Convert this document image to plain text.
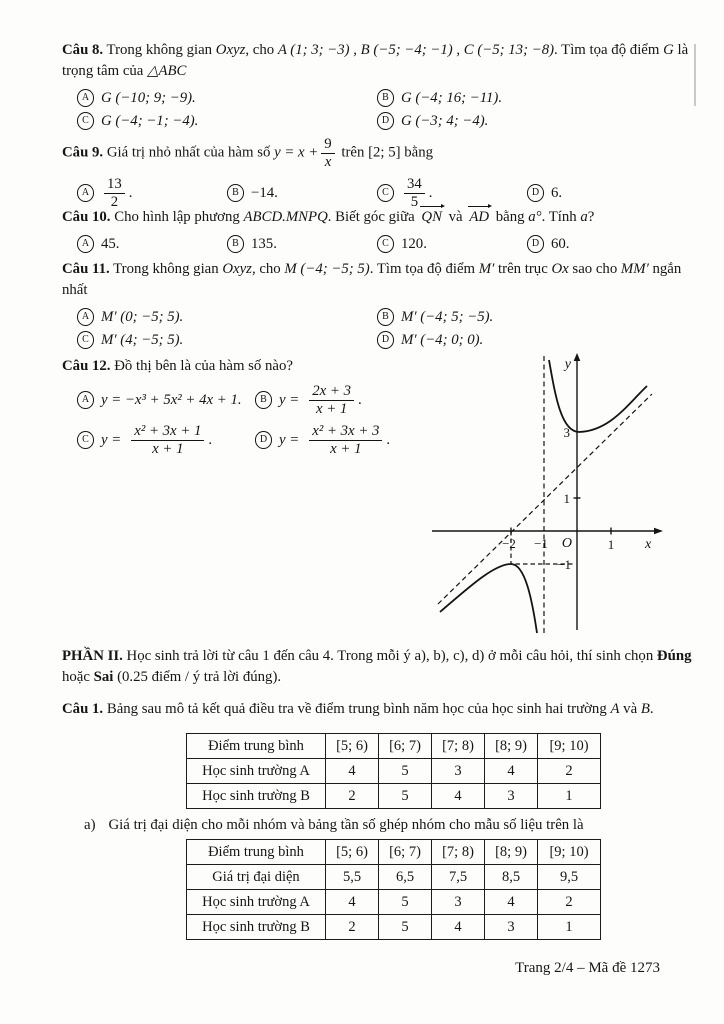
Câu 8. Trong không gian Oxyz, cho A (1; 3; −3) , B (−5; −4; −1) , C (−5; 13; −8). Tìm tọa độ điểm G là trọng tâm của △ABC

A G (−10; 9; −9).	B G (−4; 16; −11).
C G (−4; −1; −4).	D G (−3; 4; −4).

Câu 9. Giá trị nhỏ nhất của hàm số $y = x + \frac{9}{x}$ trên [2; 5] bằng

A $\frac{13}{2}$ .	B −14.	C $\frac{34}{5}$ .	D 6.

Câu 10. Cho hình lập phương ABCD.MNPQ. Biết góc giữa QN và AD bằng a°. Tính a?

A 45.	B 135.	C 120.	D 60.

Câu 11. Trong không gian Oxyz, cho M (−4; −5; 5). Tìm tọa độ điểm M′ trên trục Ox sao cho MM′ ngắn nhất

A M′ (0; −5; 5).	B M′ (−4; 5; −5).
C M′ (4; −5; 5).	D M′ (−4; 0; 0).

Câu 12. Đồ thị bên là của hàm số nào?

A y = −x³ + 5x² + 4x + 1.	B $y = \frac{2x + 3}{x + 1}$ .
C $y = \frac{\text{x² + 3x + 1}}{x + 1}$ .	D $y = \frac{\text{x² + 3x + 3}}{x + 1}$ .
y
x
O
−2 −1	1
1
3
−1

PHẦN II. Học sinh trả lời từ câu 1 đến câu 4. Trong mỗi ý a), b), c), d) ở mỗi câu hỏi, thí sinh chọn Đúng hoặc Sai (0.25 điểm / ý trả lời đúng).

Câu 1. Bảng sau mô tả kết quả điều tra về điểm trung bình năm học của học sinh hai trường A và B.

Điểm trung bình	[5; 6)	[6; 7)	[7; 8)	[8; 9)	[9; 10)
Học sinh trường A	4	5	3	4	2
Học sinh trường B	2	5	4	3	1

a) Giá trị đại diện cho mỗi nhóm và bảng tần số ghép nhóm cho mẫu số liệu trên là

Điểm trung bình	[5; 6)	[6; 7)	[7; 8)	[8; 9)	[9; 10)
Giá trị đại diện	5,5	6,5	7,5	8,5	9,5
Học sinh trường A	4	5	3	4	2
Học sinh trường B	2	5	4	3	1
Trang 2/4 – Mã đề 1273
